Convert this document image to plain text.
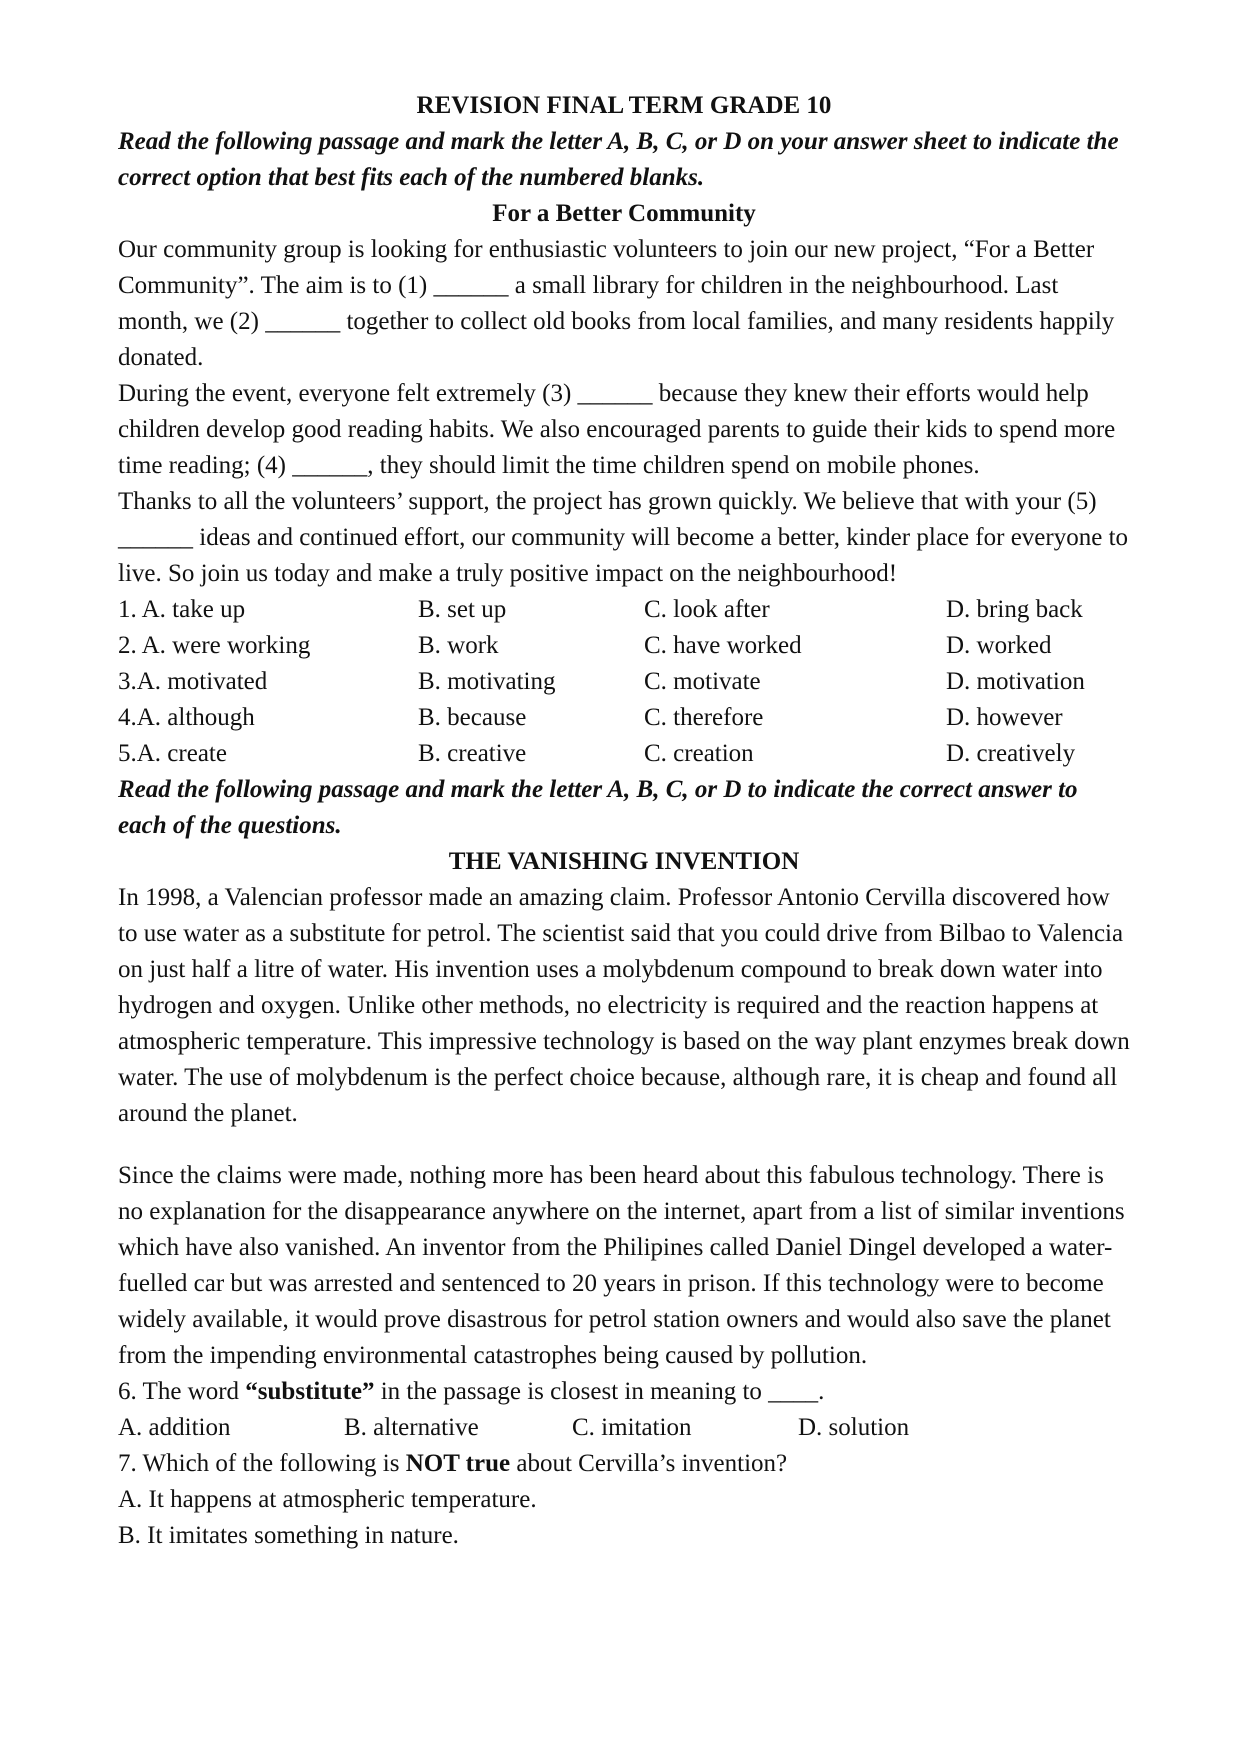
REVISION FINAL TERM GRADE 10

Read the following passage and mark the letter A, B, C, or D on your answer sheet to indicate the correct option that best fits each of the numbered blanks.

For a Better Community

Our community group is looking for enthusiastic volunteers to join our new project, “For a Better Community”. The aim is to (1) ______ a small library for children in the neighbourhood. Last month, we (2) ______ together to collect old books from local families, and many residents happily donated.

During the event, everyone felt extremely (3) ______ because they knew their efforts would help children develop good reading habits. We also encouraged parents to guide their kids to spend more time reading; (4) ______, they should limit the time children spend on mobile phones.

Thanks to all the volunteers’ support, the project has grown quickly. We believe that with your (5) ______ ideas and continued effort, our community will become a better, kinder place for everyone to live. So join us today and make a truly positive impact on the neighbourhood!

1. A. take up	B. set up	C. look after	D. bring back
2. A. were working	B. work	C. have worked	D. worked
3.A. motivated	B. motivating	C. motivate	D. motivation
4.A. although	B. because	C. therefore	D. however
5.A. create	B. creative	C. creation	D. creatively

Read the following passage and mark the letter A, B, C, or D to indicate the correct answer to each of the questions.

THE VANISHING INVENTION

In 1998, a Valencian professor made an amazing claim. Professor Antonio Cervilla discovered how to use water as a substitute for petrol. The scientist said that you could drive from Bilbao to Valencia on just half a litre of water. His invention uses a molybdenum compound to break down water into hydrogen and oxygen. Unlike other methods, no electricity is required and the reaction happens at atmospheric temperature. This impressive technology is based on the way plant enzymes break down water. The use of molybdenum is the perfect choice because, although rare, it is cheap and found all around the planet.

Since the claims were made, nothing more has been heard about this fabulous technology. There is no explanation for the disappearance anywhere on the internet, apart from a list of similar inventions which have also vanished. An inventor from the Philipines called Daniel Dingel developed a water-fuelled car but was arrested and sentenced to 20 years in prison. If this technology were to become widely available, it would prove disastrous for petrol station owners and would also save the planet from the impending environmental catastrophes being caused by pollution.

6. The word “substitute” in the passage is closest in meaning to ____.

A. addition	B. alternative	C. imitation	D. solution

7. Which of the following is NOT true about Cervilla’s invention?

A. It happens at atmospheric temperature.

B. It imitates something in nature.
